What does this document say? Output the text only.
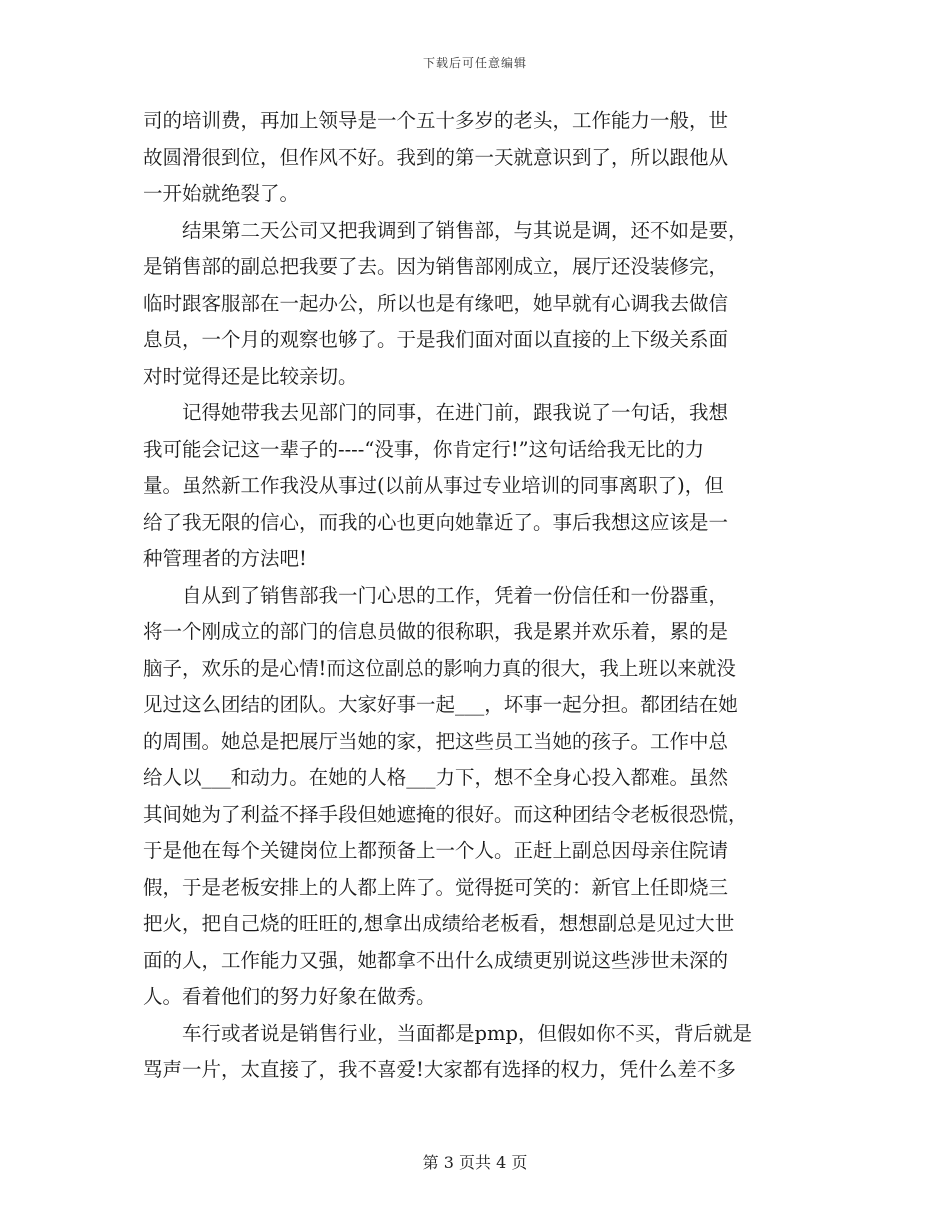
下载后可任意编辑
司的培训费，再加上领导是一个五十多岁的老头，工作能力一般，世
故圆滑很到位，但作风不好。我到的第一天就意识到了，所以跟他从
一开始就绝裂了。
　　结果第二天公司又把我调到了销售部，与其说是调，还不如是要，
是销售部的副总把我要了去。因为销售部刚成立，展厅还没装修完，
临时跟客服部在一起办公，所以也是有缘吧，她早就有心调我去做信
息员，一个月的观察也够了。于是我们面对面以直接的上下级关系面
对时觉得还是比较亲切。
　　记得她带我去见部门的同事，在进门前，跟我说了一句话，我想
我可能会记这一辈子的----“没事，你肯定行!”这句话给我无比的力
量。虽然新工作我没从事过(以前从事过专业培训的同事离职了)，但
给了我无限的信心，而我的心也更向她靠近了。事后我想这应该是一
种管理者的方法吧!
　　自从到了销售部我一门心思的工作，凭着一份信任和一份器重，
将一个刚成立的部门的信息员做的很称职，我是累并欢乐着，累的是
脑子，欢乐的是心情!而这位副总的影响力真的很大，我上班以来就没
见过这么团结的团队。大家好事一起___，坏事一起分担。都团结在她
的周围。她总是把展厅当她的家，把这些员工当她的孩子。工作中总
给人以___和动力。在她的人格___力下，想不全身心投入都难。虽然
其间她为了利益不择手段但她遮掩的很好。而这种团结令老板很恐慌，
于是他在每个关键岗位上都预备上一个人。正赶上副总因母亲住院请
假，于是老板安排上的人都上阵了。觉得挺可笑的：新官上任即烧三
把火，把自己烧的旺旺的,想拿出成绩给老板看，想想副总是见过大世
面的人，工作能力又强，她都拿不出什么成绩更别说这些涉世未深的
人。看着他们的努力好象在做秀。
　　车行或者说是销售行业，当面都是pmp，但假如你不买，背后就是
骂声一片，太直接了，我不喜爱!大家都有选择的权力，凭什么差不多
第 3 页共 4 页
